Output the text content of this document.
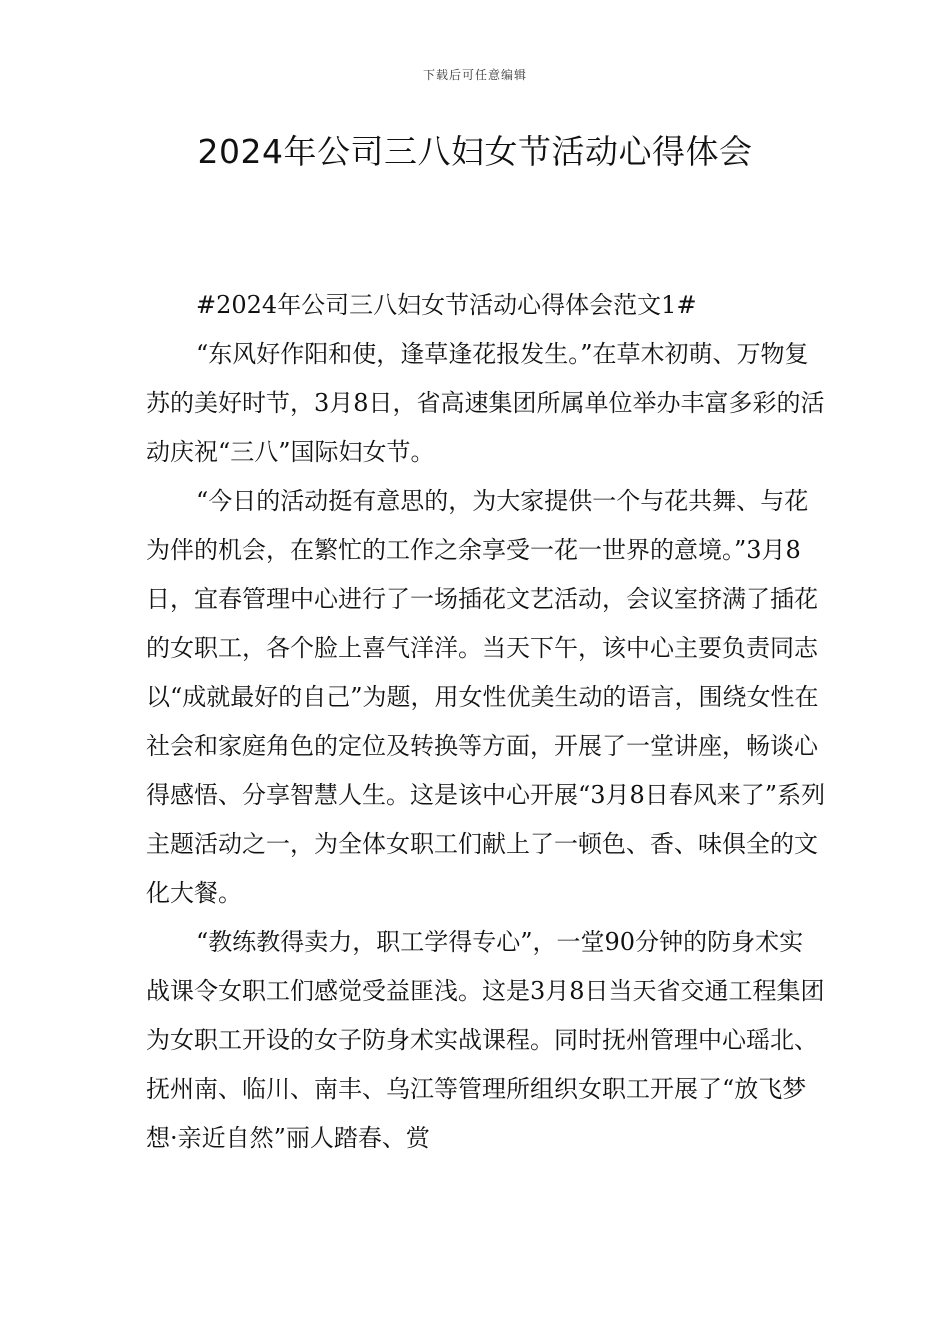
下载后可任意编辑
2024年公司三八妇女节活动心得体会

#2024年公司三八妇女节活动心得体会范文1#

“东风好作阳和使，逢草逢花报发生。”在草木初萌、万物复苏的美好时节，3月8日，省高速集团所属单位举办丰富多彩的活动庆祝“三八”国际妇女节。

“今日的活动挺有意思的，为大家提供一个与花共舞、与花为伴的机会，在繁忙的工作之余享受一花一世界的意境。”3月8日，宜春管理中心进行了一场插花文艺活动，会议室挤满了插花的女职工，各个脸上喜气洋洋。当天下午，该中心主要负责同志以“成就最好的自己”为题，用女性优美生动的语言，围绕女性在社会和家庭角色的定位及转换等方面，开展了一堂讲座，畅谈心得感悟、分享智慧人生。这是该中心开展“3月8日春风来了”系列主题活动之一，为全体女职工们献上了一顿色、香、味俱全的文化大餐。

“教练教得卖力，职工学得专心”，一堂90分钟的防身术实战课令女职工们感觉受益匪浅。这是3月8日当天省交通工程集团为女职工开设的女子防身术实战课程。同时抚州管理中心瑶北、抚州南、临川、南丰、乌江等管理所组织女职工开展了“放飞梦想·亲近自然”丽人踏春、赏
